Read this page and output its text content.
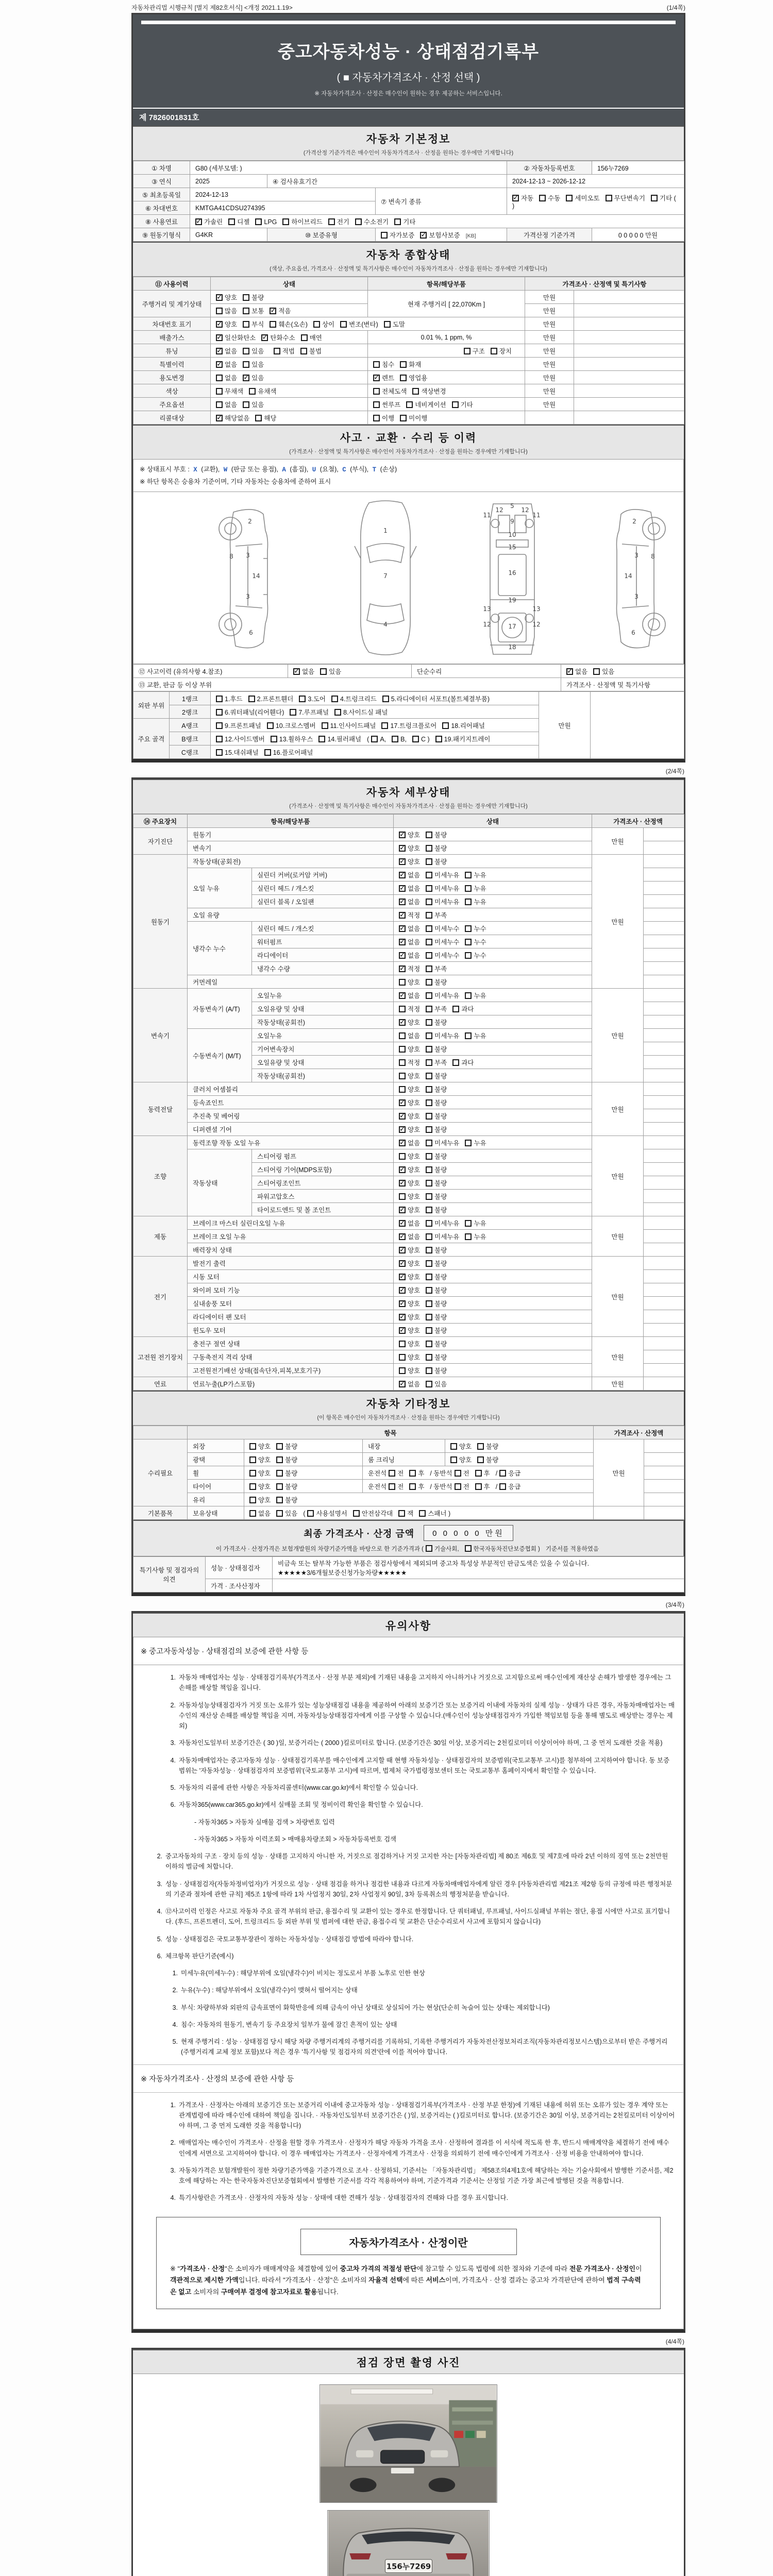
자동차관리법 시행규칙 [별지 제82호서식] <개정 2021.1.19>	(1/4쪽)
중고자동차성능 · 상태점검기록부
( ■ 자동차가격조사 · 산정 선택 )
※ 자동차가격조사 · 산정은 매수인이 원하는 경우 제공하는 서비스입니다.
제 7826001831호
자동차 기본정보
(가격산정 기준가격은 매수인이 자동차가격조사 · 산정을 원하는 경우에만 기재합니다)
① 차명	G80 (세부모델: )			② 자동차등록번호	156누7269
③ 연식	2025	④ 검사유효기간		2024-12-13 ~ 2026-12-12	
⑤ 최초등록일	2024-12-13		⑦ 변속기 종류	✓자동 수동 세미오토 무단변속기 기타 ( )
⑥ 차대번호	KMTGA41CDSU274395				
⑧ 사용연료	✓가솔린 디젤 LPG 하이브리드 전기 수소전기 기타
⑨ 원동기형식	G4KR	⑩ 보증유형	자가보증 ✓ 보험사보증 [KB]	가격산정 기준가격	0 0 0 0 0 만원
자동차 종합상태
(색상, 주요옵션, 가격조사 · 산정액 및 특기사항은 매수인이 자동차가격조사 · 산정을 원하는 경우에만 기재합니다)
⑪ 사용이력	상태	항목/해당부품	가격조사 · 산정액 및 특기사항	
주행거리 및 계기상태	✓양호 불량	현재 주행거리 [ 22,070Km ]	만원	
	많음 보통 ✓ 적음		만원	
차대번호 표기	✓양호 부식 훼손(오손) 상이 변조(변타) 도말		만원	
배출가스	✓일산화탄소 ✓ 탄화수소 매연	0.01 %, 1 ppm, %	만원	
튜닝	✓없음 있음 적법 불법	구조 장치	만원	
특별이력	✓없음 있음	침수 화재	만원	
용도변경	없음 ✓ 있음	✓렌트 영업용	만원	
색상	무채색 유채색	전체도색 색상변경	만원	
주요옵션	없음 있음	썬루프 네비게이션 기타	만원	
리콜대상	✓해당없음 해당	이행 미이행		
사고 · 교환 · 수리 등 이력
(가격조사 · 산정액 및 특기사항은 매수인이 자동차가격조사 · 산정을 원하는 경우에만 기재합니다)
※ 상태표시 부호 : X (교환), W (판금 또는 용접), A (흠집), U (요철), C (부식), T (손상)
※ 하단 항목은 승용차 기준이며, 기타 자동차는 승용차에 준하여 표시
2
8 3
14
3
6
1
7
4
11	11
12	12
5
9
10
15
16
19
13	13
12	12
17
18
2
8
3
14
3
6
⑫ 사고이력 (유의사항 4.참조)	✓없음 있음	단순수리	✓없음 있음
⑬ 교환, 판금 등 이상 부위			가격조사 · 산정액 및 특기사항
외판 부위	1랭크	1.후드 2.프론트휀더 3.도어 4.트렁크리드 5.라디에이터 서포트(볼트체결부품)	만원	
	2랭크	6.쿼터패널(리어휀다) 7.루프패널 8.사이드실 패널		
주요 골격	A랭크	9.프론트패널 10.크로스멤버 11.인사이드패널 17.트렁크플로어 18.리어패널		
	B랭크	12.사이드멤버 13.휠하우스 14.필러패널 ( A, B, C ) 19.패키지트레이		
	C랭크	15.대쉬패널 16.플로어패널		
(2/4쪽)
자동차 세부상태
(가격조사 · 산정액 및 특기사항은 매수인이 자동차가격조사 · 산정을 원하는 경우에만 기재합니다)
⑭ 주요장치	항목/해당부품		상태	가격조사 · 산정액	
자기진단	원동기	✓양호 불량	만원	
	변속기	✓양호 불량	
원동기	작동상태(공회전)	✓양호 불량	만원	
	오일 누유	실린더 커버(로커암 커버)	✓없음 미세누유 누유	
		실린더 헤드 / 개스킷	✓없음 미세누유 누유	
		실린더 블록 / 오일팬	✓없음 미세누유 누유	
	오일 유량	✓적정 부족	
	냉각수 누수	실린더 헤드 / 개스킷	✓없음 미세누수 누수	
		워터펌프	✓없음 미세누수 누수	
		라디에이터	✓없음 미세누수 누수	
		냉각수 수량	✓적정 부족	
	커먼레일		양호 불량		
변속기	자동변속기 (A/T)	오일누유	✓없음 미세누유 누유	만원	
		오일유량 및 상태	적정 부족 과다		
		작동상태(공회전)	✓양호 불량	
	수동변속기 (M/T)	오일누유	없음 미세누유 누유		
		기어변속장치	양호 불량		
		오일유량 및 상태	적정 부족 과다		
		작동상태(공회전)	양호 불량		
동력전달	클러치 어셈블리		양호 불량	만원	
	등속죠인트	✓양호 불량	
	추진축 및 베어링	✓양호 불량	
	디퍼렌셜 기어	✓양호 불량	
조향	동력조향 작동 오일 누유	✓없음 미세누유 누유	만원	
	작동상태	스티어링 펌프	양호 불량		
		스티어링 기어(MDPS포함)	✓양호 불량	
		스티어링조인트	✓양호 불량	
		파워고압호스	양호 불량		
		타이로드엔드 및 볼 조인트	✓양호 불량	
제동	브레이크 마스터 실린더오일 누유	✓없음 미세누유 누유	만원	
	브레이크 오일 누유	✓없음 미세누유 누유	
	배력장치 상태	✓양호 불량	
전기	발전기 출력	✓양호 불량	만원	
	시동 모터	✓양호 불량	
	와이퍼 모터 기능	✓양호 불량	
	실내송풍 모터	✓양호 불량	
	라디에이터 팬 모터	✓양호 불량	
	윈도우 모터	✓양호 불량	
고전원 전기장치	충전구 절연 상태		양호 불량	만원	
	구동축전지 격리 상태		양호 불량		
	고전원전기배선 상태(접속단자,피복,보호기구)		양호 불량		
연료	연료누출(LP가스포함)	✓없음 있음	만원	
자동차 기타정보
(이 항목은 매수인이 자동차가격조사 · 산정을 원하는 경우에만 기재합니다)
	항목				가격조사 · 산정액	
수리필요	외장	양호 불량	내장	양호 불량	만원	
	광택	양호 불량	룸 크리닝	양호 불량		
	휠	양호 불량	운전석 전 후 / 동반석 전 후 / 응급			
	타이어	양호 불량	운전석 전 후 / 동반석 전 후 / 응급			
	유리	양호 불량				
기본품목	보유상태	없음 있음 ( 사용설명서 안전삼각대 잭 스패너 )				
최종 가격조사 · 산정 금액	0 0 0 0 0 만원
이 가격조사 · 산정가격은 보험개발원의 차량기준가액을 바탕으로 한 기준가격과 ( 기술사회, 한국자동차진단보증협회 ) 기준서를 적용하였음
특기사항 및 점검자의 의견	성능 · 상태점검자	비금속 또는 탈부착 가능한 부품은 점검사항에서 제외되며 중고차 특성상 부분적인 판금도색은 있을 수 있습니다. ★★★★★3/6개월보증신청가능차량★★★★★
	가격 · 조사산정자	
(3/4쪽)
유의사항
※ 중고자동차성능 · 상태점검의 보증에 관한 사항 등
1. 자동차 매매업자는 성능 · 상태점검기록부(가격조사 · 산정 부분 제외)에 기재된 내용을 고지하지 아니하거나 거짓으로 고지함으로써 매수인에게 재산상 손해가 발생한 경우에는 그 손해를 배상할 책임을 집니다.
2. 자동차성능상태점검자가 거짓 또는 오류가 있는 성능상태점검 내용을 제공하여 아래의 보증기간 또는 보증거리 이내에 자동차의 실제 성능 · 상태가 다른 경우, 자동차매매업자는 매수인의 재산상 손해를 배상할 책임을 지며, 자동차성능상태점검자에게 이를 구상할 수 있습니다.(매수인이 성능상태점검자가 가입한 책임보험 등을 통해 별도로 배상받는 경우는 제외)
3. 자동차인도일부터 보증기간은 ( 30 )일, 보증거리는 ( 2000 )킬로미터로 합니다. (보증기간은 30일 이상, 보증거리는 2천킬로미터 이상이어야 하며, 그 중 먼저 도래한 것을 적용)
4. 자동차매매업자는 중고자동차 성능 · 상태점검기록부를 매수인에게 고지할 때 현행 자동차성능 · 상태점검자의 보증범위(국토교통부 고시)를 첨부하여 고지하여야 합니다. 동 보증범위는 '자동차성능 · 상태점검자의 보증범위'(국토교통부 고시)에 따르며, 법제처 국가법령정보센터 또는 국토교통부 홈페이지에서 확인할 수 있습니다.
5. 자동차의 리콜에 관한 사항은 자동차리콜센터(www.car.go.kr)에서 확인할 수 있습니다.
6. 자동차365(www.car365.go.kr)에서 실매물 조회 및 정비이력 확인을 확인할 수 있습니다.
- 자동차365 > 자동차 실매물 검색 > 차량번호 입력
- 자동차365 > 자동차 이력조회 > 매매용차량조회 > 자동차등록번호 검색
2. 중고자동차의 구조 · 장치 등의 성능 · 상태를 고지하지 아니한 자, 거짓으로 점검하거나 거짓 고지한 자는 [자동차관리법] 제 80조 제6호 및 제7호에 따라 2년 이하의 징역 또는 2천만원 이하의 벌금에 처합니다.
3. 성능 · 상태점검자(자동차정비업자)가 거짓으로 성능 · 상태 점검을 하거나 점검한 내용과 다르게 자동차매매업자에게 알린 경우 [자동차관리법 제21조 제2항 등의 규정에 따른 행정처분의 기준과 절차에 관한 규칙] 제5조 1항에 따라 1차 사업정지 30일, 2차 사업정지 90일, 3차 등록취소의 행정처분을 받습니다.
4. ⑫사고이력 인정은 사고로 자동차 주요 골격 부위의 판금, 용접수리 및 교환이 있는 경우로 한정합니다. 단 쿼터패널, 루프패널, 사이드실패널 부위는 절단, 용접 시에만 사고로 표기합니다. (후드, 프론트펜더, 도어, 트렁크리드 등 외판 부위 및 범퍼에 대한 판금, 용접수리 및 교환은 단순수리로서 사고에 포함되지 않습니다)
5. 성능 · 상태점검은 국토교통부장관이 정하는 자동차성능 · 상태점검 방법에 따라야 합니다.
6. 체크항목 판단기준(예시)
1. 미세누유(미세누수) : 해당부위에 오일(냉각수)이 비치는 정도로서 부품 노후로 인한 현상
2. 누유(누수) : 해당부위에서 오일(냉각수)이 맺혀서 떨어지는 상태
3. 부식: 차량하부와 외판의 금속표면이 화학반응에 의해 금속이 아닌 상태로 상실되어 가는 현상(단순히 녹슬어 있는 상태는 제외합니다)
4. 침수: 자동차의 원동기, 변속기 등 주요장치 일부가 물에 잠긴 흔적이 있는 상태
5. 현재 주행거리 : 성능 · 상태점검 당시 해당 차량 주행거리계의 주행거리를 기록하되, 기록한 주행거리가 자동차전산정보처리조직(자동차관리정보시스템)으로부터 받은 주행거리(주행거리계 교체 정보 포함)보다 적은 경우 '특기사항 및 점검자의 의견'란에 이를 적어야 합니다.
※ 자동차가격조사 · 산정의 보증에 관한 사항 등
1. 가격조사 · 산정자는 아래의 보증기간 또는 보증거리 이내에 중고자동차 성능 · 상태점검기록부(가격조사 · 산정 부분 한정)에 기재된 내용에 허위 또는 오류가 있는 경우 계약 또는 관계법령에 따라 매수인에 대하여 책임을 집니다. · 자동차인도일부터 보증기간은 ( )일, 보증거리는 ( )킬로미터로 합니다. (보증기간은 30일 이상, 보증거리는 2천킬로미터 이상이어야 하며, 그 중 먼저 도래한 것을 적용합니다)
2. 매매업자는 매수인이 가격조사 · 산정을 원할 경우 가격조사 · 산정자가 해당 자동차 가격을 조사 · 산정하여 결과를 이 서식에 적도록 한 후, 반드시 매매계약을 체결하기 전에 매수인에게 서면으로 고지하여야 합니다. 이 경우 매매업자는 가격조사 · 산정자에게 가격조사 · 산정을 의뢰하기 전에 매수인에게 가격조사 · 산정 비용을 안내하여야 합니다.
3. 자동차가격은 보험개발원이 정한 차량기준가액을 기준가격으로 조사 · 산정하되, 기준서는 「자동차관리법」 제58조의4제1호에 해당하는 자는 기술사회에서 발행한 기준서를, 제2호에 해당하는 자는 한국자동차진단보증협회에서 발행한 기준서를 각각 적용하여야 하며, 기준가격과 기준서는 산정일 기준 가장 최근에 발행된 것을 적용합니다.
4. 특기사항란은 가격조사 · 산정자의 자동차 성능 · 상태에 대한 견해가 성능 · 상태점검자의 견해와 다를 경우 표시합니다.
자동차가격조사 · 산정이란
※ "가격조사 · 산정"은 소비자가 매매계약을 체결함에 있어 중고차 가격의 적절성 판단에 참고할 수 있도록 법령에 의한 절차와 기준에 따라 전문 가격조사 · 산정인이 객관적으로 제시한 가액입니다. 따라서 "가격조사 · 산정"은 소비자의 자율적 선택에 따른 서비스이며, 가격조사 · 산정 결과는 중고차 가격판단에 관하여 법적 구속력은 없고 소비자의 구매여부 결정에 참고자료로 활용됩니다.
(4/4쪽)
점검 장면 촬영 사진
156누7269
